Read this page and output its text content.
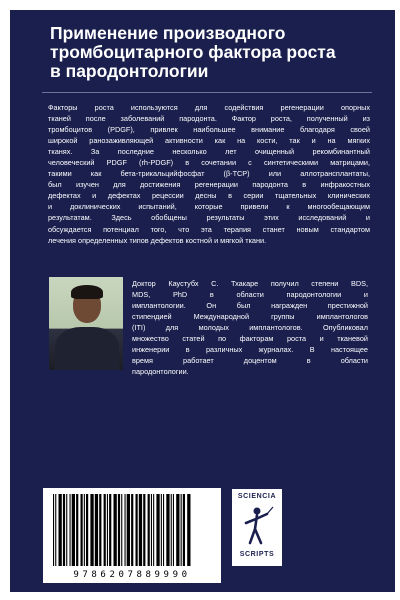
Применение производного
тромбоцитарного фактора роста
в пародонтологии
Факторы роста используются для содействия регенерации опорных
тканей после заболеваний пародонта. Фактор роста, полученный из
тромбоцитов (PDGF), привлек наибольшее внимание благодаря своей
широкой ранозаживляющей активности как на кости, так и на мягких
тканях. За последние несколько лет очищенный рекомбинантный
человеческий PDGF (rh-PDGF) в сочетании с синтетическими матрицами,
такими как бета-трикальцийфосфат (β-TCP) или аллотрансплантаты,
был изучен для достижения регенерации пародонта в инфракостных
дефектах и дефектах рецессии десны в серии тщательных клинических
и доклинических испытаний, которые привели к многообещающим
результатам. Здесь обобщены результаты этих исследований и
обсуждается потенциал того, что эта терапия станет новым стандартом
лечения определенных типов дефектов костной и мягкой ткани.
Доктор Каустубх С. Тхакаре получил степени BDS,
MDS, PhD в области пародонтологии и
имплантологии. Он был награжден престижной
стипендией Международной группы имплантологов
(ITI) для молодых имплантологов. Опубликовал
множество статей по факторам роста и тканевой
инженерии в различных журналах. В настоящее
время работает доцентом в области
пародонтологии.
9786207889990
SCIENCIA
SCRIPTS
